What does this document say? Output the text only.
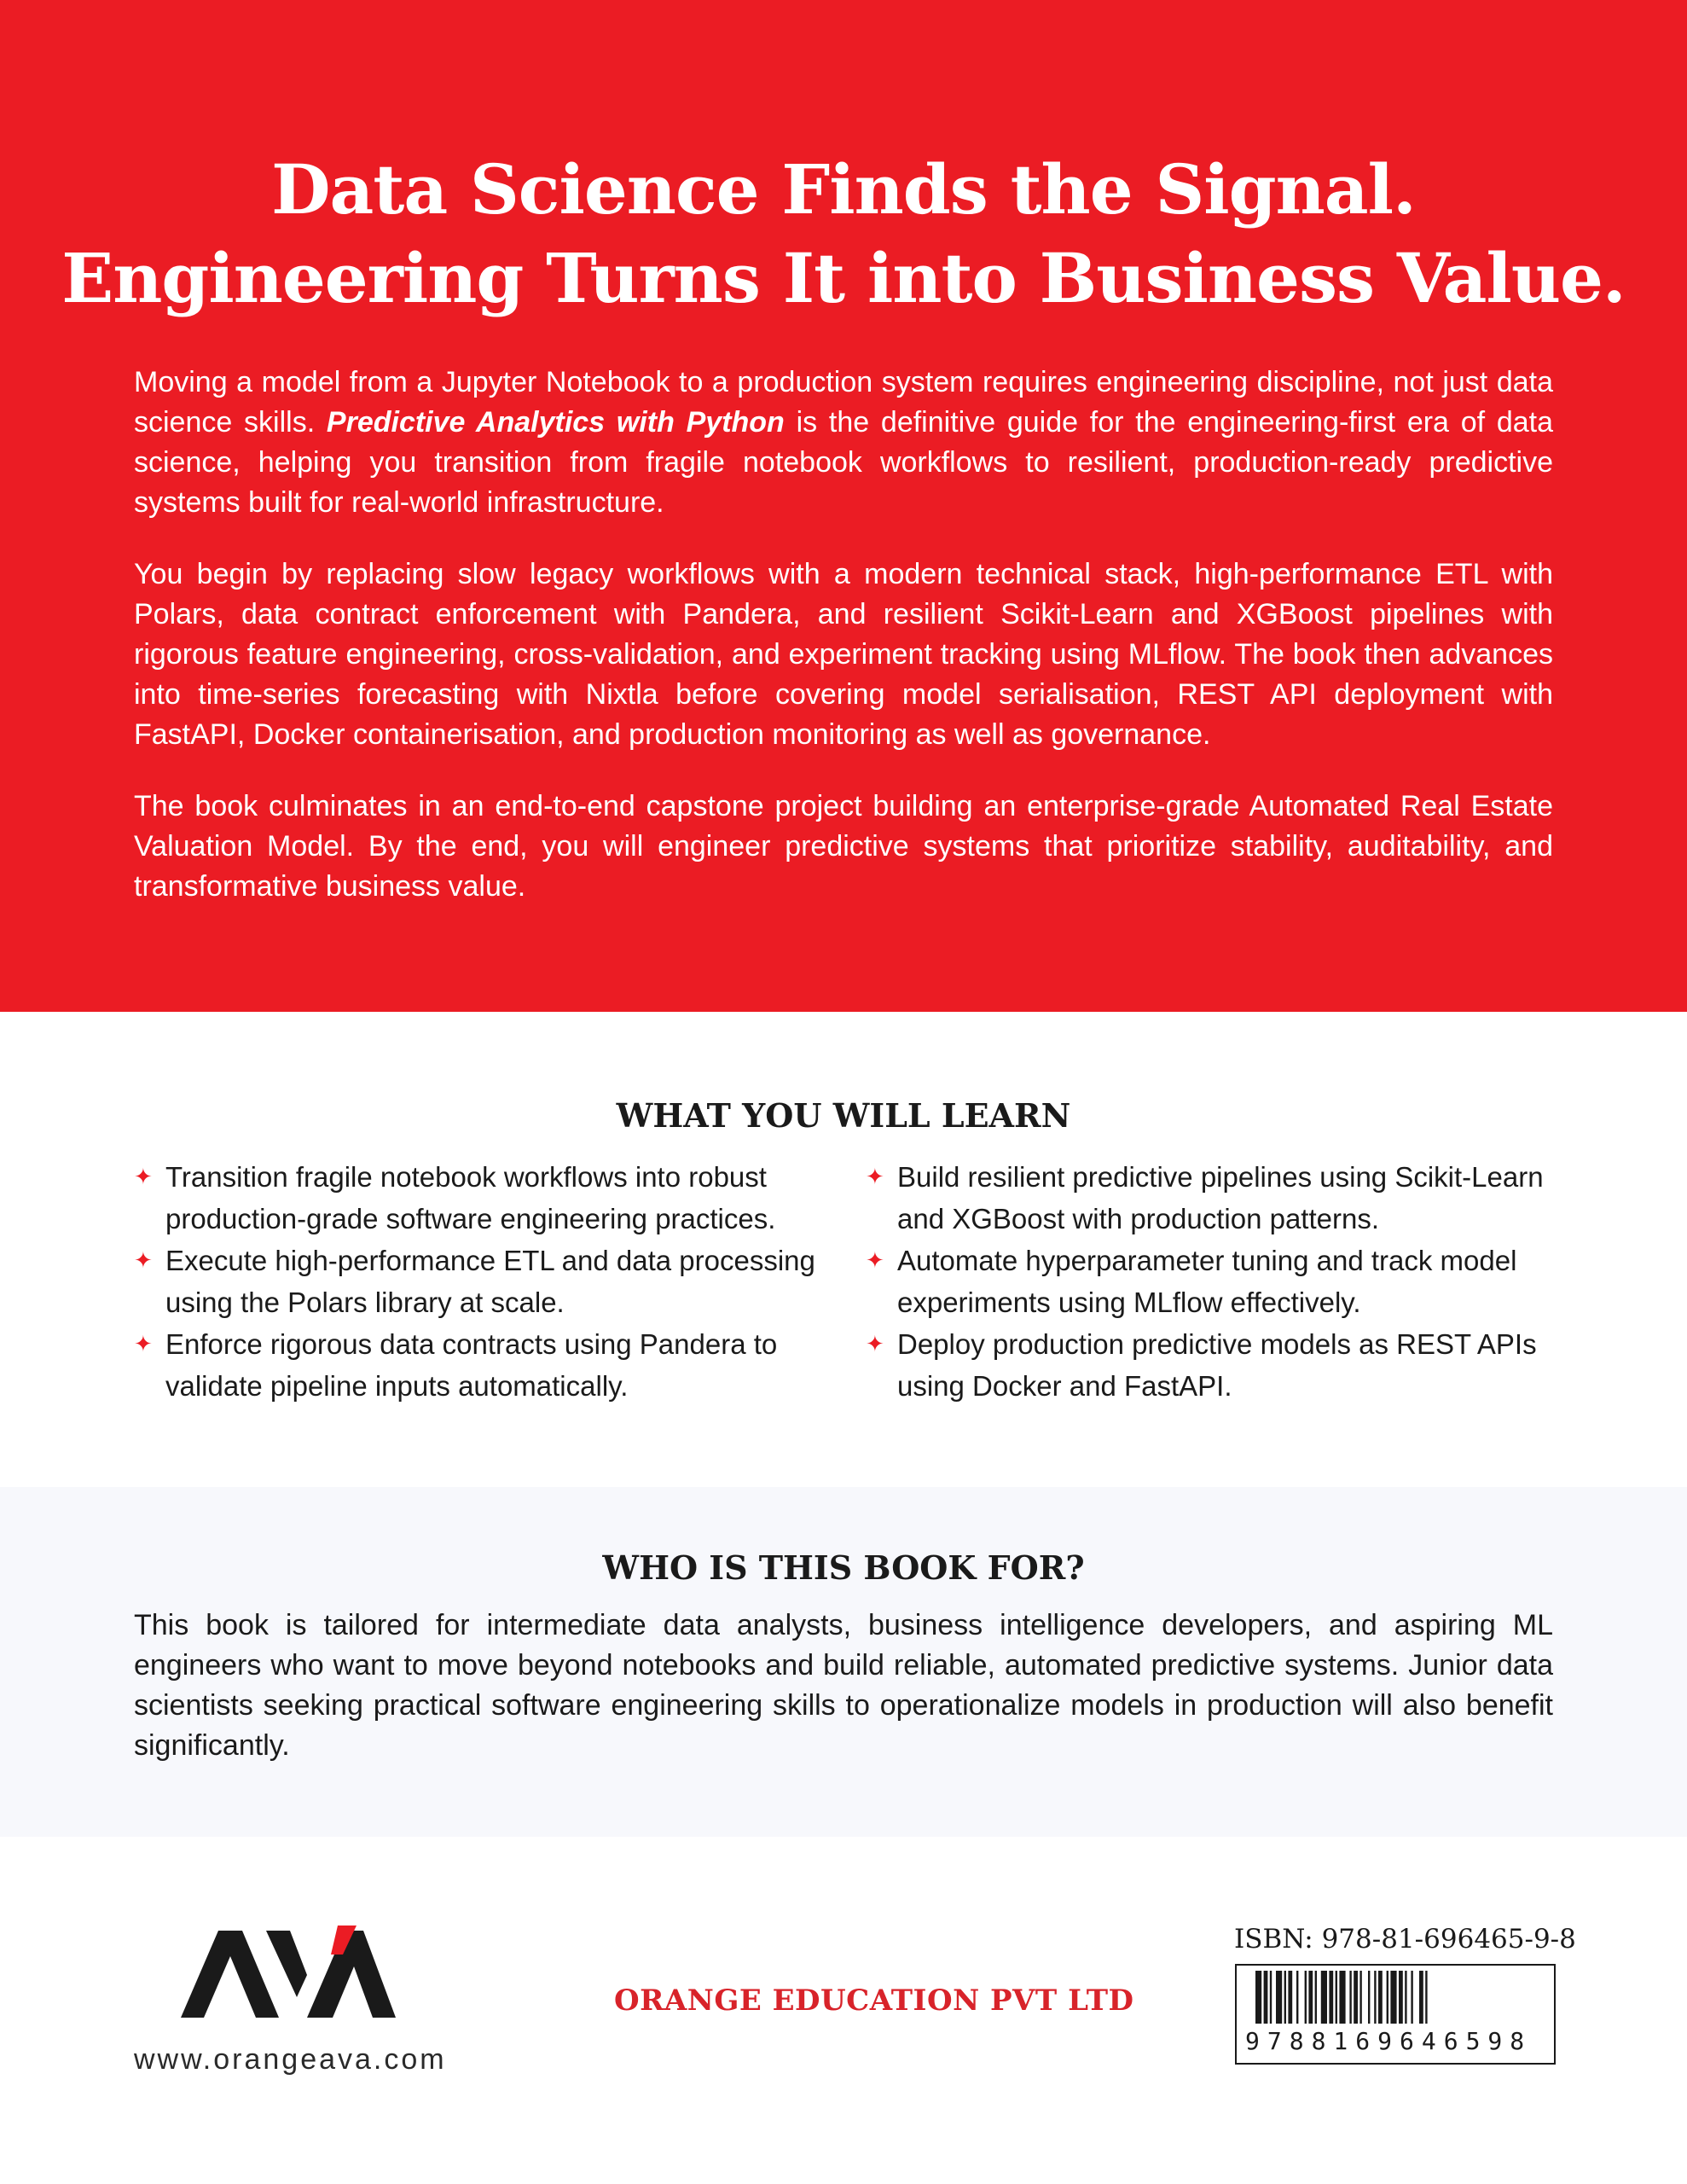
Data Science Finds the Signal.
Engineering Turns It into Business Value.

Moving a model from a Jupyter Notebook to a production system requires engineering discipline, not just data science skills. Predictive Analytics with Python is the definitive guide for the engineering-first era of data science, helping you transition from fragile notebook workflows to resilient, production-ready predictive systems built for real-world infrastructure.

You begin by replacing slow legacy workflows with a modern technical stack, high-performance ETL with Polars, data contract enforcement with Pandera, and resilient Scikit-Learn and XGBoost pipelines with rigorous feature engineering, cross-validation, and experiment tracking using MLflow. The book then advances into time-series forecasting with Nixtla before covering model serialisation, REST API deployment with FastAPI, Docker containerisation, and production monitoring as well as governance.

The book culminates in an end-to-end capstone project building an enterprise-grade Automated Real Estate Valuation Model. By the end, you will engineer predictive systems that prioritize stability, auditability, and transformative business value.

WHAT YOU WILL LEARN
✦ Transition fragile notebook workflows into robust production-grade software engineering practices.
✦ Execute high-performance ETL and data processing using the Polars library at scale.
✦ Enforce rigorous data contracts using Pandera to validate pipeline inputs automatically.
✦ Build resilient predictive pipelines using Scikit-Learn and XGBoost with production patterns.
✦ Automate hyperparameter tuning and track model experiments using MLflow effectively.
✦ Deploy production predictive models as REST APIs using Docker and FastAPI.
WHO IS THIS BOOK FOR?

This book is tailored for intermediate data analysts, business intelligence developers, and aspiring ML engineers who want to move beyond notebooks and build reliable, automated predictive systems. Junior data scientists seeking practical software engineering skills to operationalize models in production will also benefit significantly.

www.orangeava.com
ORANGE EDUCATION PVT LTD
ISBN: 978-81-696465-9-8
9788169646598
